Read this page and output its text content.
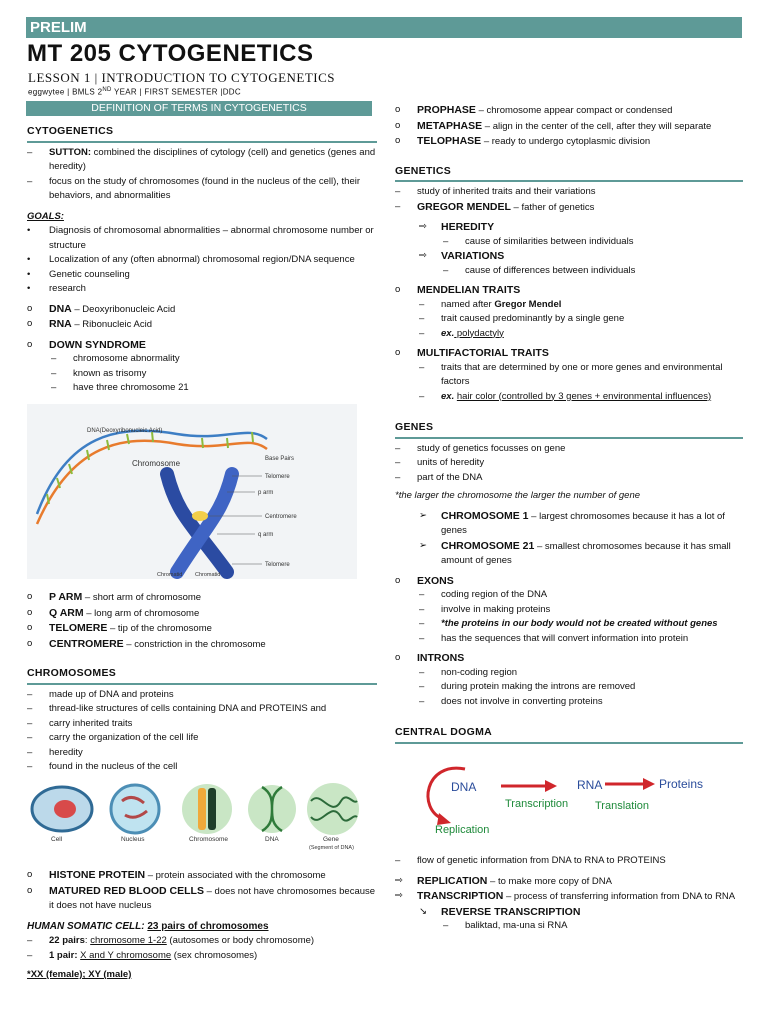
PRELIM
MT 205 CYTOGENETICS
LESSON 1 | INTRODUCTION TO CYTOGENETICS
eggwytee | BMLS 2ND YEAR | FIRST SEMESTER |DDC
DEFINITION OF TERMS IN CYTOGENETICS
CYTOGENETICS
–	SUTTON: combined the disciplines of cytology (cell) and genetics (genes and heredity)
–	focus on the study of chromosomes (found in the nucleus of the cell), their behaviors, and abnormalities
GOALS:
•	Diagnosis of chromosomal abnormalities – abnormal chromosome number or structure
•	Localization of any (often abnormal) chromosomal region/DNA sequence
•	Genetic counseling
•	research
o	DNA – Deoxyribonucleic Acid
o	RNA – Ribonucleic Acid
o	DOWN SYNDROME
–	chromosome abnormality
–	known as trisomy
–	have three chromosome 21
DNA(Deoxyribonucleic Acid)
Base Pairs
Chromosome
Telomere
p arm
Centromere
q arm
Telomere
Chromatid Chromatid
o	P ARM – short arm of chromosome
o	Q ARM – long arm of chromosome
o	TELOMERE – tip of the chromosome
o	CENTROMERE – constriction in the chromosome
CHROMOSOMES
–	made up of DNA and proteins
–	thread-like structures of cells containing DNA and PROTEINS and
–	carry inherited traits
–	carry the organization of the cell life
–	heredity
–	found in the nucleus of the cell
Cell	Nucleus	Chromosome	DNA	Gene
(Segment of DNA)
o	HISTONE PROTEIN – protein associated with the chromosome
o	MATURED RED BLOOD CELLS – does not have chromosomes because it does not have nucleus
HUMAN SOMATIC CELL: 23 pairs of chromosomes
–	22 pairs: chromosome 1-22 (autosomes or body chromosome)
–	1 pair: X and Y chromosome (sex chromosomes)
*XX (female); XY (male)
o	PROPHASE – chromosome appear compact or condensed
o	METAPHASE – align in the center of the cell, after they will separate
o	TELOPHASE – ready to undergo cytoplasmic division
GENETICS
–	study of inherited traits and their variations
–	GREGOR MENDEL – father of genetics
⇨	HEREDITY
–	cause of similarities between individuals
⇨	VARIATIONS
–	cause of differences between individuals
o	MENDELIAN TRAITS
–	named after Gregor Mendel
–	trait caused predominantly by a single gene
–	ex. polydactyly
o	MULTIFACTORIAL TRAITS
–	traits that are determined by one or more genes and environmental factors
–	ex. hair color (controlled by 3 genes + environmental influences)
GENES
–	study of genetics focusses on gene
–	units of heredity
–	part of the DNA
*the larger the chromosome the larger the number of gene
➢	CHROMOSOME 1 – largest chromosomes because it has a lot of genes
➢	CHROMOSOME 21 – smallest chromosomes because it has small amount of genes
o	EXONS
–	coding region of the DNA
–	involve in making proteins
–	*the proteins in our body would not be created without genes
–	has the sequences that will convert information into protein
o	INTRONS
–	non-coding region
–	during protein making the introns are removed
–	does not involve in converting proteins
CENTRAL DOGMA
DNA	RNA	Proteins
Transcription Translation
Replication
–	flow of genetic information from DNA to RNA to PROTEINS
⇨	REPLICATION – to make more copy of DNA
⇨	TRANSCRIPTION – process of transferring information from DNA to RNA
↘	REVERSE TRANSCRIPTION
–	baliktad, ma-una si RNA
